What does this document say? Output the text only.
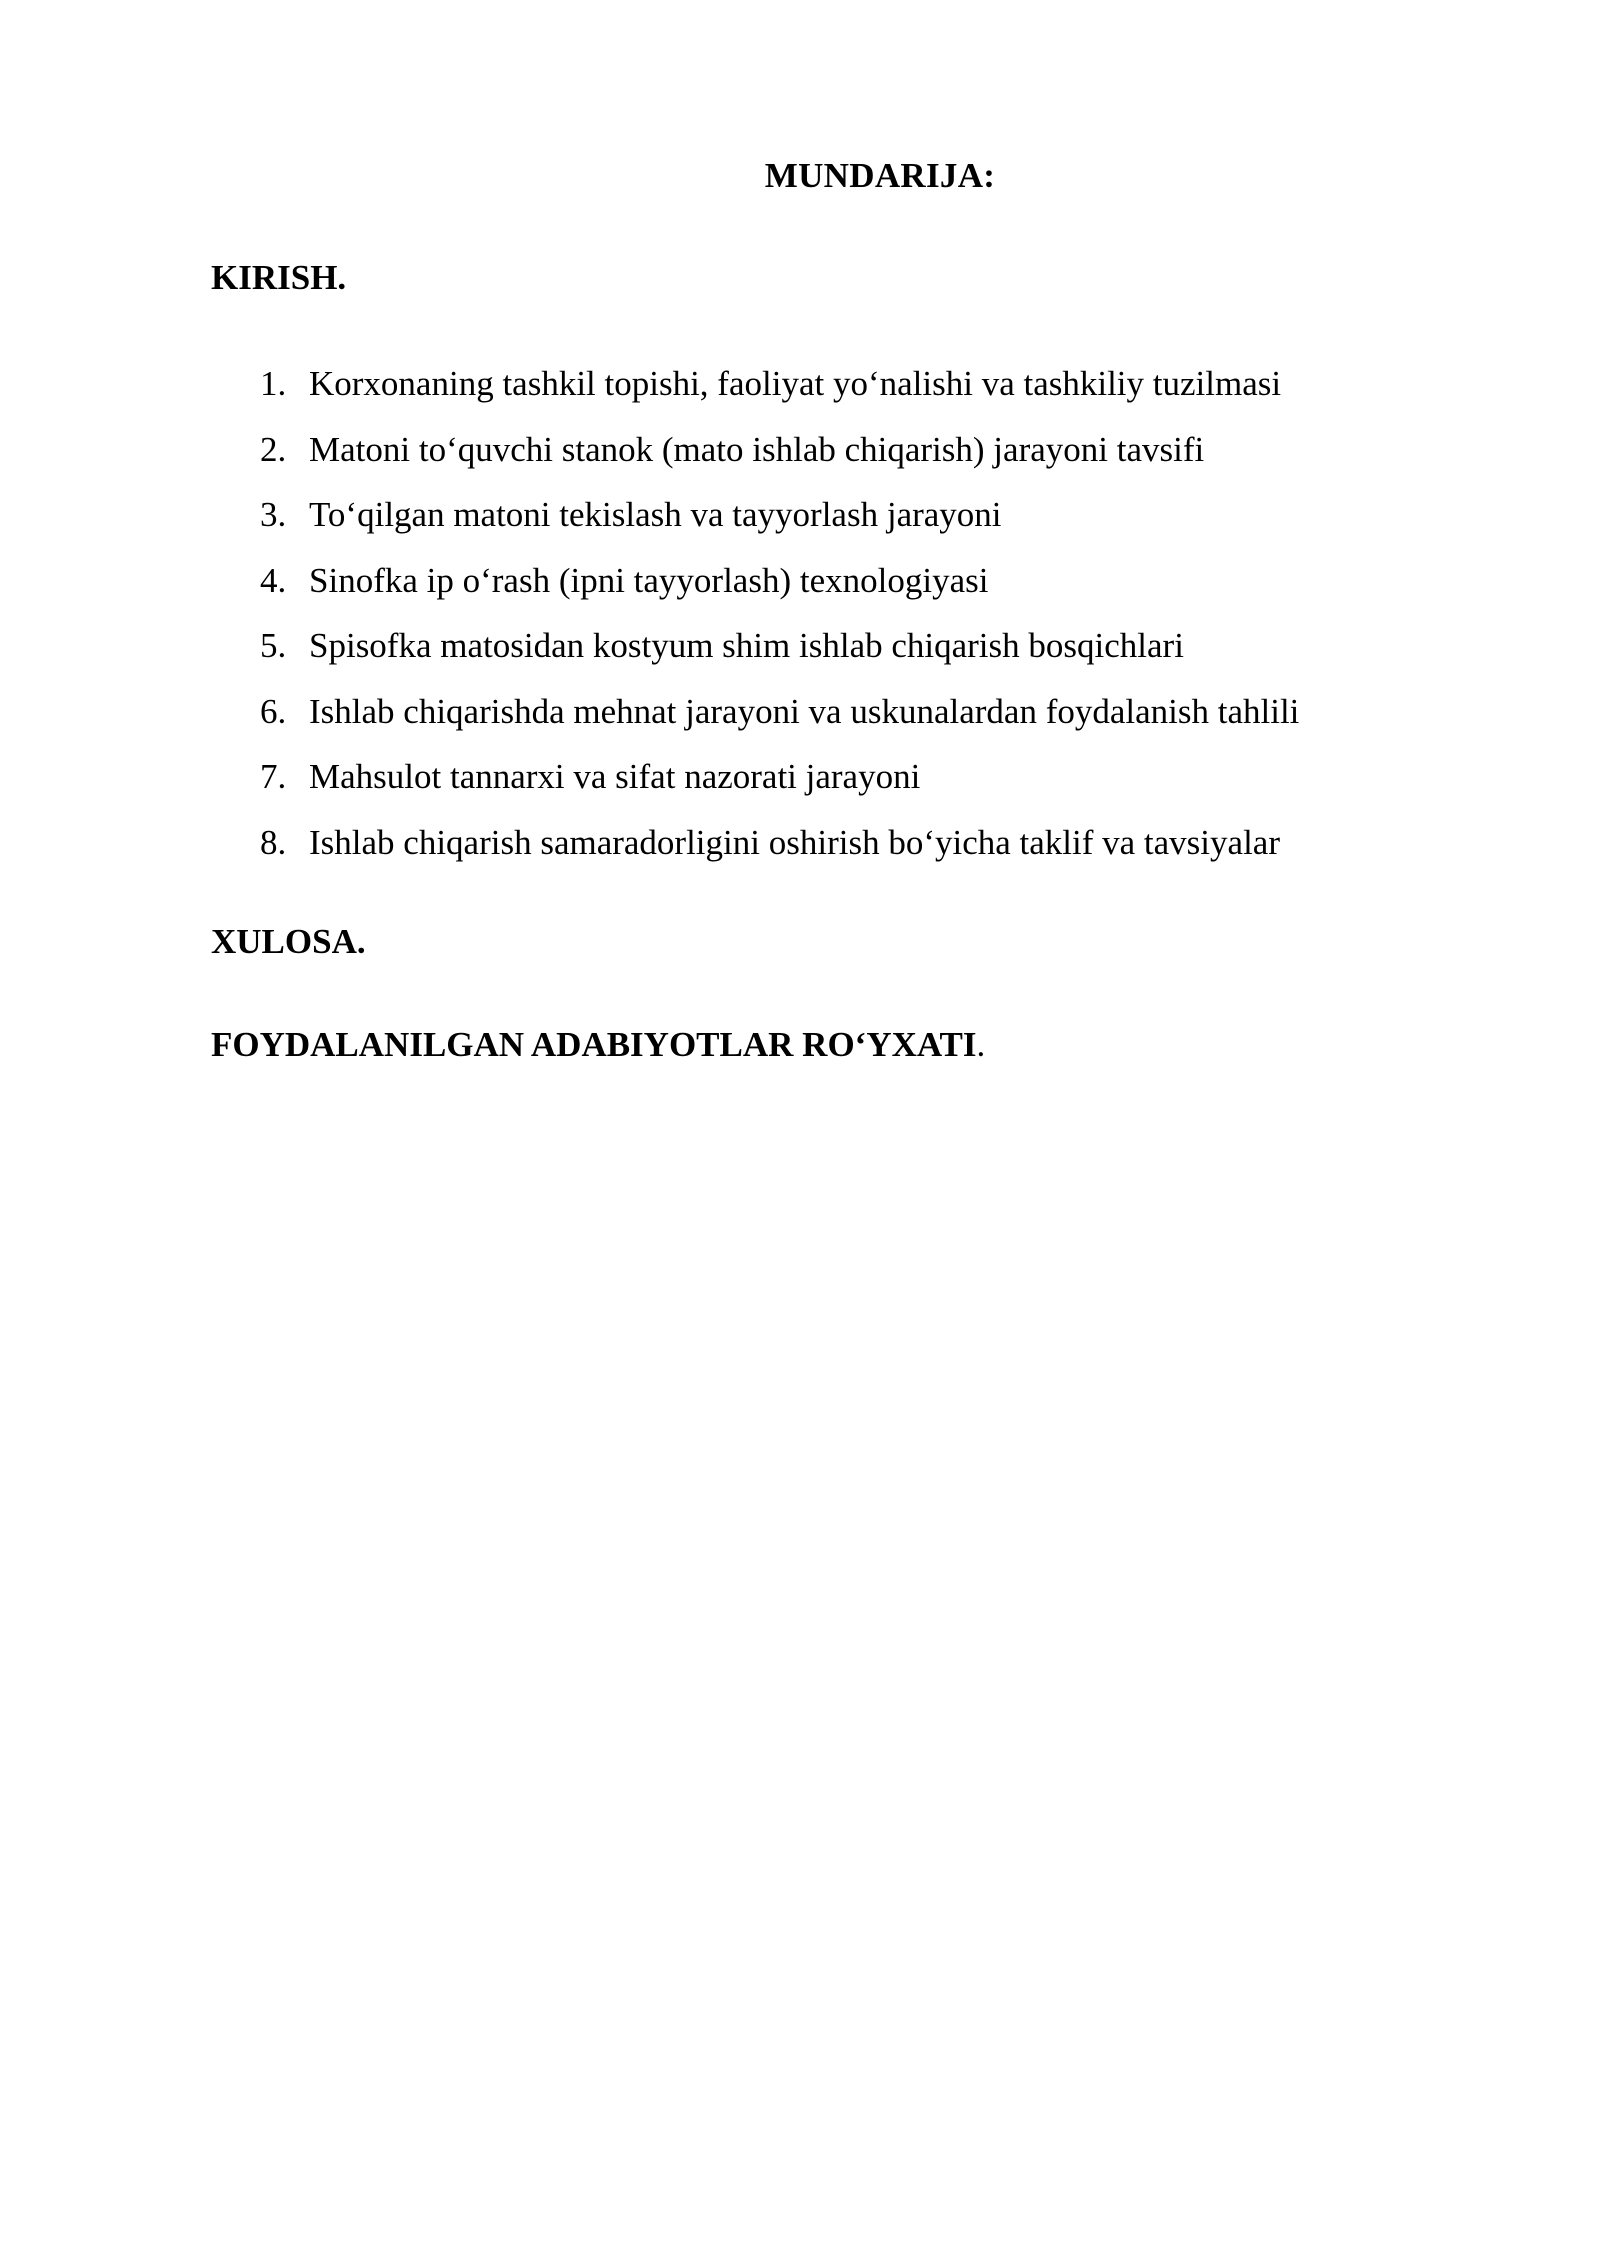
MUNDARIJA:
KIRISH.
1. Korxonaning tashkil topishi, faoliyat yo‘nalishi va tashkiliy tuzilmasi
2. Matoni to‘quvchi stanok (mato ishlab chiqarish) jarayoni tavsifi
3. To‘qilgan matoni tekislash va tayyorlash jarayoni
4. Sinofka ip o‘rash (ipni tayyorlash) texnologiyasi
5. Spisofka matosidan kostyum shim ishlab chiqarish bosqichlari
6. Ishlab chiqarishda mehnat jarayoni va uskunalardan foydalanish tahlili
7. Mahsulot tannarxi va sifat nazorati jarayoni
8. Ishlab chiqarish samaradorligini oshirish bo‘yicha taklif va tavsiyalar
XULOSA.
FOYDALANILGAN ADABIYOTLAR RO‘YXATI.
